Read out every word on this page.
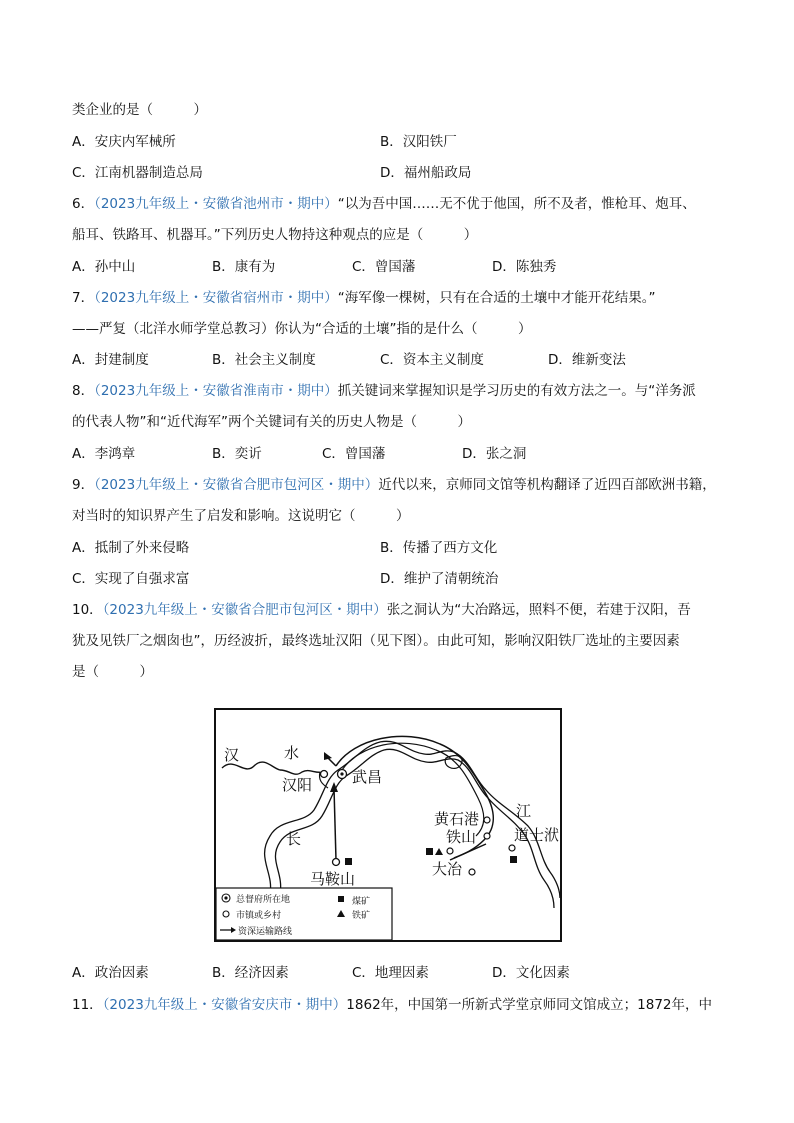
类企业的是（　　　）
A．安庆内军械所	B．汉阳铁厂
C．江南机器制造总局	D．福州船政局
6．（2023九年级上・安徽省池州市・期中）“以为吾中国……无不优于他国，所不及者，惟枪耳、炮耳、
船耳、铁路耳、机器耳。”下列历史人物持这种观点的应是（　　　）
A．孙中山	B．康有为	C．曾国藩	D．陈独秀
7．（2023九年级上・安徽省宿州市・期中）“海军像一棵树，只有在合适的土壤中才能开花结果。”
——严复（北洋水师学堂总教习）你认为“合适的土壤”指的是什么（　　　）
A．封建制度	B．社会主义制度	C．资本主义制度	D．维新变法
8．（2023九年级上・安徽省淮南市・期中）抓关键词来掌握知识是学习历史的有效方法之一。与“洋务派
的代表人物”和“近代海军”两个关键词有关的历史人物是（　　　）
A．李鸿章	B．奕䜣	C．曾国藩	D．张之洞
9．（2023九年级上・安徽省合肥市包河区・期中）近代以来，京师同文馆等机构翻译了近四百部欧洲书籍，
对当时的知识界产生了启发和影响。这说明它（　　　）
A．抵制了外来侵略	B．传播了西方文化
C．实现了自强求富	D．维护了清朝统治
10．（2023九年级上・安徽省合肥市包河区・期中）张之洞认为“大冶路远，照料不便，若建于汉阳，吾
犹及见铁厂之烟囱也”，历经波折，最终选址汉阳（见下图）。由此可知，影响汉阳铁厂选址的主要因素
是（　　　）
汉	水
汉阳	武昌
长
江
黄石港
铁山	道士洑
大冶
马鞍山
总督府所在地
市镇或乡村
资深运输路线
煤矿
铁矿
A．政治因素	B．经济因素	C．地理因素	D．文化因素
11．（2023九年级上・安徽省安庆市・期中）1862年，中国第一所新式学堂京师同文馆成立；1872年，中
